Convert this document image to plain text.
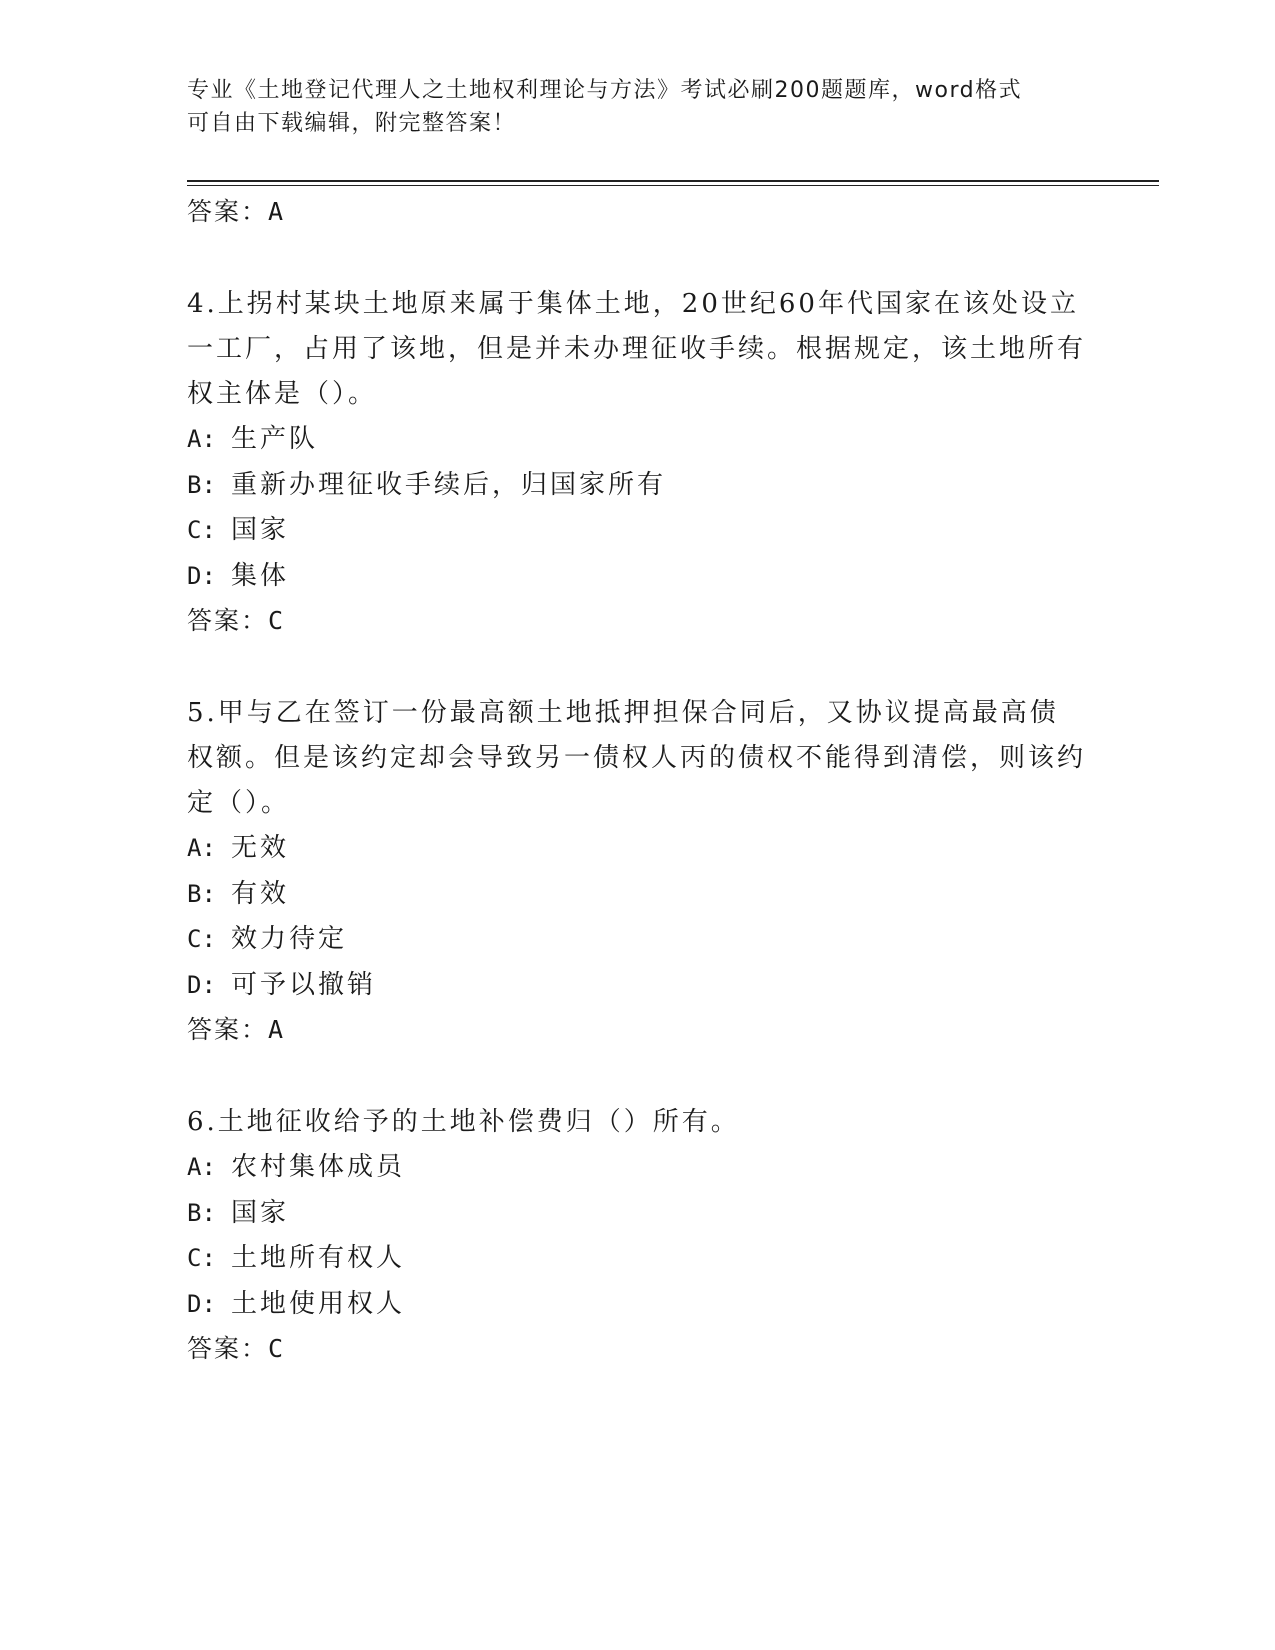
专业《土地登记代理人之土地权利理论与方法》考试必刷200题题库，word格式
可自由下载编辑，附完整答案！
答案：A

4.上拐村某块土地原来属于集体土地，20世纪60年代国家在该处设立一工厂，占用了该地，但是并未办理征收手续。根据规定，该土地所有权主体是（）。

A: 生产队
B: 重新办理征收手续后，归国家所有
C: 国家
D: 集体
答案：C

5.甲与乙在签订一份最高额土地抵押担保合同后，又协议提高最高债权额。但是该约定却会导致另一债权人丙的债权不能得到清偿，则该约定（）。

A: 无效
B: 有效
C: 效力待定
D: 可予以撤销
答案：A

6.土地征收给予的土地补偿费归（）所有。

A: 农村集体成员
B: 国家
C: 土地所有权人
D: 土地使用权人
答案：C
